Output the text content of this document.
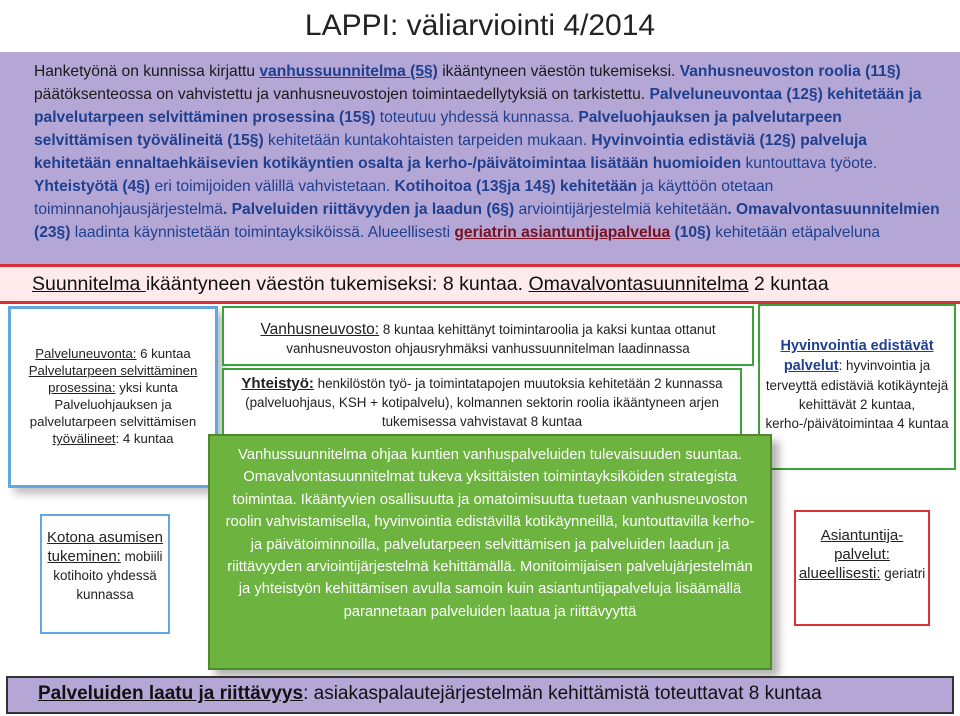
LAPPI: väliarviointi 4/2014
Hanketyönä on kunnissa kirjattu vanhussuunnitelma (5§) ikääntyneen väestön tukemiseksi. Vanhusneuvoston roolia (11§) päätöksenteossa on vahvistettu ja vanhusneuvostojen toimintaedellytyksiä on tarkistettu. Palveluneuvontaa (12§) kehitetään ja palvelutarpeen selvittäminen prosessina (15§) toteutuu yhdessä kunnassa. Palveluohjauksen ja palvelutarpeen selvittämisen työvälineitä (15§) kehitetään kuntakohtaisten tarpeiden mukaan. Hyvinvointia edistäviä (12§) palveluja kehitetään ennaltaehkäisevien kotikäyntien osalta ja kerho-/päivätoimintaa lisätään huomioiden kuntouttava työote. Yhteistyötä (4§) eri toimijoiden välillä vahvistetaan. Kotihoitoa (13§ja 14§) kehitetään ja käyttöön otetaan toiminnanohjausjärjestelmä. Palveluiden riittävyyden ja laadun (6§) arviointijärjestelmiä kehitetään. Omavalvontasuunnitelmien (23§) laadinta käynnistetään toimintayksiköissä. Alueellisesti geriatrin asiantuntijapalvelua (10§) kehitetään etäpalveluna
Suunnitelma ikääntyneen väestön tukemiseksi: 8 kuntaa. Omavalvontasuunnitelma 2 kuntaa
Palveluneuvonta: 6 kuntaa
Palvelutarpeen selvittäminen prosessina: yksi kunta
Palveluohjauksen ja palvelutarpeen selvittämisen työvälineet: 4 kuntaa
Vanhusneuvosto: 8 kuntaa kehittänyt toimintaroolia ja kaksi kuntaa ottanut vanhusneuvoston ohjausryhmäksi vanhussuunnitelman laadinnassa
Yhteistyö: henkilöstön työ- ja toimintatapojen muutoksia kehitetään 2 kunnassa (palveluohjaus, KSH + kotipalvelu), kolmannen sektorin roolia ikääntyneen arjen tukemisessa vahvistavat 8 kuntaa
Hyvinvointia edistävät palvelut: hyvinvointia ja terveyttä edistäviä kotikäyntejä kehittävät 2 kuntaa, kerho-/päivätoimintaa 4 kuntaa
Vanhussuunnitelma ohjaa kuntien vanhuspalveluiden tulevaisuuden suuntaa. Omavalvontasuunnitelmat tukeva yksittäisten toimintayksiköiden strategista toimintaa. Ikääntyvien osallisuutta ja omatoimisuutta tuetaan vanhusneuvoston roolin vahvistamisella, hyvinvointia edistävillä kotikäynneillä, kuntouttavilla kerho- ja päivätoiminnoilla, palvelutarpeen selvittämisen ja palveluiden laadun ja riittävyyden arviointijärjestelmä kehittämällä. Monitoimijaisen palvelujärjestelmän ja yhteistyön kehittämisen avulla samoin kuin asiantuntijapalveluja lisäämällä parannetaan palveluiden laatua ja riittävyyttä
Kotona asumisen tukeminen: mobiili kotihoito yhdessä kunnassa
Asiantuntija-palvelut: alueellisesti: geriatri
Palveluiden laatu ja riittävyys: asiakaspalautejärjestelmän kehittämistä toteuttavat 8 kuntaa
